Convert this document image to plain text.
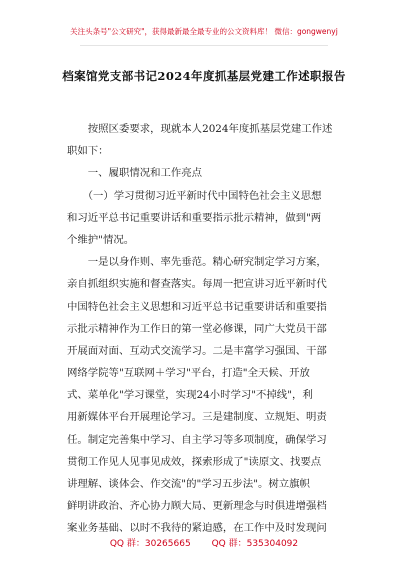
关注头条号"公文研究"，获得最新最全最专业的公文资料库！ 微信：gongwenyj
档案馆党支部书记2024年度抓基层党建工作述职报告
　　按照区委要求，现就本人2024年度抓基层党建工作述
职如下：
　　一、履职情况和工作亮点
　　（一）学习贯彻习近平新时代中国特色社会主义思想
和习近平总书记重要讲话和重要指示批示精神，做到"两
个维护"情况。
　　一是以身作则、率先垂范。精心研究制定学习方案，
亲自抓组织实施和督查落实。每周一把宣讲习近平新时代
中国特色社会主义思想和习近平总书记重要讲话和重要指
示批示精神作为工作日的第一堂必修课，同广大党员干部
开展面对面、互动式交流学习。二是丰富学习强国、干部
网络学院等"互联网＋学习"平台，打造"全天候、开放
式、菜单化"学习课堂，实现24小时学习"不掉线"，利
用新媒体平台开展理论学习。三是建制度、立规矩、明责
任。制定完善集中学习、自主学习等多项制度，确保学习
贯彻工作见人见事见成效，探索形成了"读原文、找要点
讲理解、谈体会、作交流"的"学习五步法"。树立旗帜
鲜明讲政治、齐心协力顾大局、更新理念与时俱进增强档
案业务基础、以时不我待的紧迫感，在工作中及时发现问
QQ 群：30265665 QQ 群：535304092
